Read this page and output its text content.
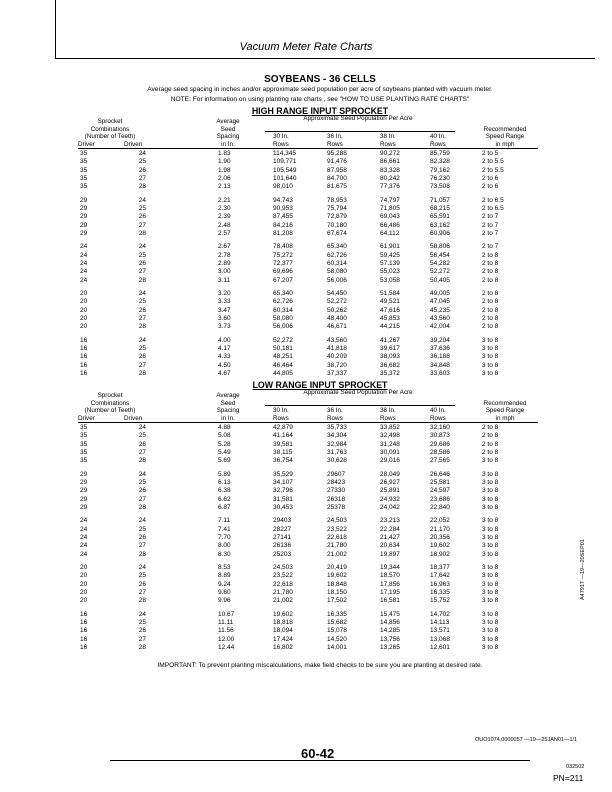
Vacuum Meter Rate Charts
SOYBEANS - 36 CELLS
Average seed spacing in inches and/or approximate seed population per acre of soybeans planted with vacuum meter.
NOTE: For information on using planting rate charts , see "HOW TO USE PLANTING RATE CHARTS"
HIGH RANGE INPUT SPROCKET
Sprocket
Combinations
(Number of Teeth)
Average
Seed
Spacing
in In.
Approximate Seed Population Per Acre
30 In.
Rows
36 In.
Rows
38 In.
Rows
40 In.
Rows
Recommended
Speed Range
in mph
Driver	Driven
35	24	1.83	114,345	95,288	90,272	85,759	2 to 5
35	25	1.90	109,771	91,476	86,661	82,328	2 to 5.5
35	26	1.98	105,549	87,958	83,328	79,162	2 to 5.5
35	27	2.06	101,640	84,700	80,242	76,230	2 to 6
35	28	2.13	98,010	81,675	77,376	73,508	2 to 6
29	24	2.21	94,743	78,953	74,797	71,057	2 to 6.5
29	25	2.30	90,953	75,794	71,805	68,215	2 to 6.5
29	26	2.39	87,455	72,879	69,043	65,591	2 to 7
29	27	2.48	84,216	70,180	66,486	63,162	2 to 7
29	28	2.57	81,208	67,674	64,112	60,906	2 to 7
24	24	2.67	78,408	65,340	61,901	58,806	2 to 7
24	25	2.78	75,272	62,726	59,425	56,454	2 to 8
24	26	2.89	72,377	60,314	57,139	54,282	2 to 8
24	27	3.00	69,696	58,080	55,023	52,272	2 to 8
24	28	3.11	67,207	56,006	53,058	50,405	2 to 8
20	24	3.20	65,340	54,450	51,584	49,005	2 to 8
20	25	3.33	62,726	52,272	49,521	47,045	2 to 8
20	26	3.47	60,314	50,262	47,616	45,235	2 to 8
20	27	3.60	58,080	48,400	45,853	43,560	2 to 8
20	28	3.73	56,006	46,671	44,215	42,004	2 to 8
16	24	4.00	52,272	43,560	41,267	39,204	3 to 8
16	25	4.17	50,181	41,818	39,617	37,636	3 to 8
16	26	4.33	48,251	40,209	38,093	36,188	3 to 8
16	27	4.50	46,464	38,720	36,682	34,848	3 to 8
16	28	4.67	44,805	37,337	35,372	33,603	3 to 8
LOW RANGE INPUT SPROCKET
Sprocket
Combinations
(Number of Teeth)
Average
Seed
Spacing
in In.
Approximate Seed Population Per Acre
30 In.
Rows
36 In.
Rows
38 In.
Rows
40 In.
Rows
Recommended
Speed Range
in mph
Driver	Driven
35	24	4.88	42,879	35,733	33,852	32,160	2 to 8
35	25	5.08	41,164	34,304	32,498	30,873	2 to 8
35	26	5.28	39,581	32,984	31,248	29,686	2 to 8
35	27	5.49	38,115	31,763	30,091	28,586	2 to 8
35	28	5.69	36,754	30,628	29,016	27,565	3 to 8
29	24	5.89	35,529	29607	28,049	26,646	3 to 8
29	25	6.13	34,107	28423	26,927	25,581	3 to 8
29	26	6.38	32,796	27330	25,891	24,597	3 to 8
29	27	6.62	31,581	26318	24,932	23,686	3 to 8
29	28	6.87	30,453	25378	24,042	22,840	3 to 8
24	24	7.11	29403	24,503	23,213	22,052	3 to 8
24	25	7.41	28227	23,522	22,284	21,170	3 to 8
24	26	7.70	27141	22,618	21,427	20,356	3 to 8
24	27	8.00	26136	21,780	20,634	19,602	3 to 8
24	28	8.30	25203	21,002	19,897	18,902	3 to 8
20	24	8.53	24,503	20,419	19,344	18,377	3 to 8
20	25	8.89	23,522	19,602	18,570	17,642	3 to 8
20	26	9.24	22,618	18,848	17,856	16,963	3 to 8
20	27	9.60	21,780	18,150	17,195	16,335	3 to 8
20	28	9.96	21,002	17,502	16,581	15,752	3 to 8
16	24	10.67	19,602	16,335	15,475	14,702	3 to 8
16	25	11.11	18,818	15,682	14,856	14,113	3 to 8
16	26	11.56	18,094	15,078	14,285	13,571	3 to 8
16	27	12.00	17,424	14,520	13,756	13,068	3 to 8
16	28	12.44	16,802	14,001	13,265	12,601	3 to 8
IMPORTANT: To prevent planting miscalculations, make field checks to be sure you are planting at desired rate.
A47917 —19—20SEP01
OUO1074,0000057 —19—25JAN01—1/1
60-42
032502
PN=211
